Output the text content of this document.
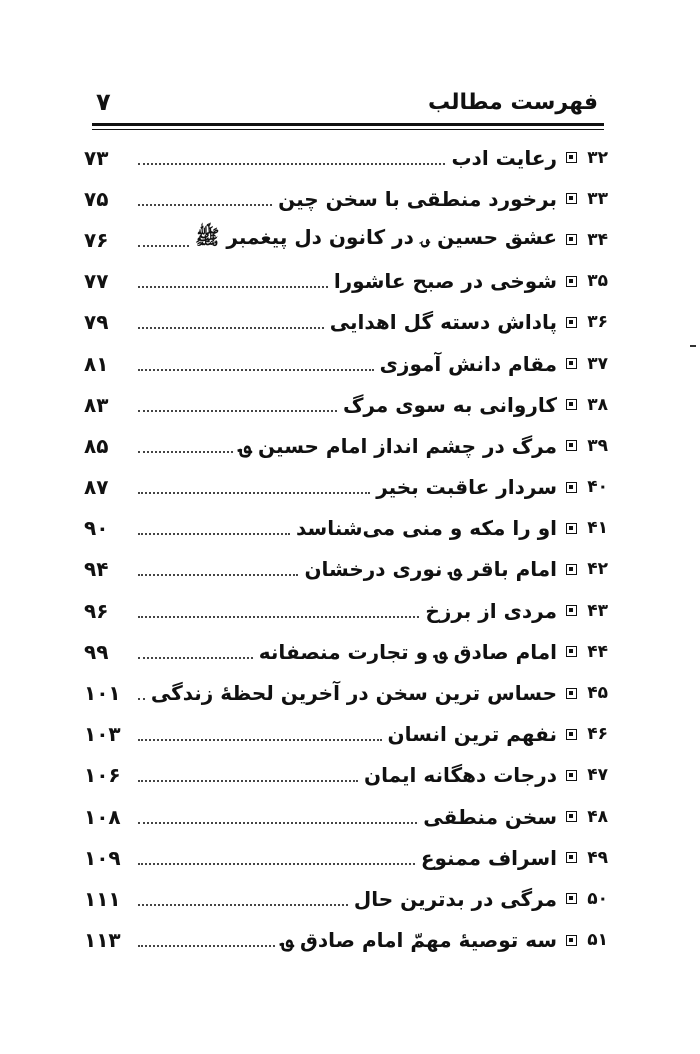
۷	فهرست مطالب
۳۲
رعایت ادب
۷۳
۳۳
برخورد منطقی با سخن چین
۷۵
۳۴
عشق حسین ؈ در کانون دل پیغمبر ﷺ
۷۶
۳۵
شوخی در صبح عاشورا
۷۷
۳۶
پاداش دسته گل اهدایی
۷۹
۳۷
مقام دانش آموزی
۸۱
۳۸
کاروانی به سوی مرگ
۸۳
۳۹
مرگ در چشم انداز امام حسین ؈
۸۵
۴۰
سردار عاقبت بخیر
۸۷
۴۱
او را مکه و منی می‌شناسد
۹۰
۴۲
امام باقر ؈ نوری درخشان
۹۴
۴۳
مردی از برزخ
۹۶
۴۴
امام صادق ؈ و تجارت منصفانه
۹۹
۴۵
حساس ترین سخن در آخرین لحظهٔ زندگی
۱۰۱
۴۶
نفهم ترین انسان
۱۰۳
۴۷
درجات دهگانه ایمان
۱۰۶
۴۸
سخن منطقی
۱۰۸
۴۹
اسراف ممنوع
۱۰۹
۵۰
مرگی در بدترین حال
۱۱۱
۵۱
سه توصیهٔ مهمّ امام صادق ؈
۱۱۳
